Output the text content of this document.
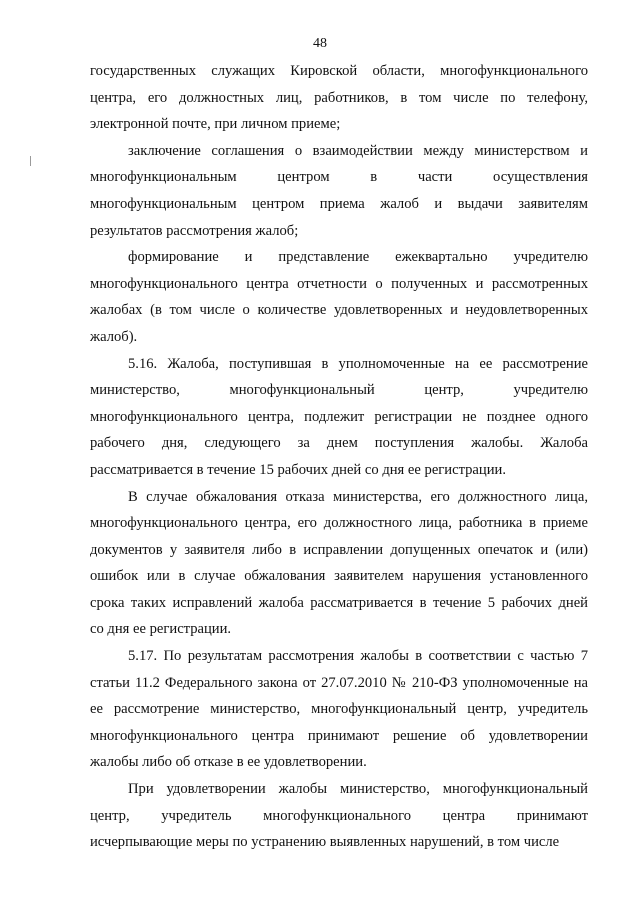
48

государственных служащих Кировской области, многофункционального
центра, его должностных лиц, работников, в том числе по телефону,
электронной почте, при личном приеме;

заключение соглашения о взаимодействии между министерством и
многофункциональным центром в части осуществления
многофункциональным центром приема жалоб и выдачи заявителям
результатов рассмотрения жалоб;

формирование и представление ежеквартально учредителю
многофункционального центра отчетности о полученных и рассмотренных
жалобах (в том числе о количестве удовлетворенных и неудовлетворенных
жалоб).

5.16. Жалоба, поступившая в уполномоченные на ее рассмотрение
министерство, многофункциональный центр, учредителю
многофункционального центра, подлежит регистрации не позднее одного
рабочего дня, следующего за днем поступления жалобы. Жалоба
рассматривается в течение 15 рабочих дней со дня ее регистрации.

В случае обжалования отказа министерства, его должностного лица,
многофункционального центра, его должностного лица, работника в приеме
документов у заявителя либо в исправлении допущенных опечаток и (или)
ошибок или в случае обжалования заявителем нарушения установленного
срока таких исправлений жалоба рассматривается в течение 5 рабочих дней
со дня ее регистрации.

5.17. По результатам рассмотрения жалобы в соответствии с частью 7
статьи 11.2 Федерального закона от 27.07.2010 № 210-ФЗ уполномоченные на
ее рассмотрение министерство, многофункциональный центр, учредитель
многофункционального центра принимают решение об удовлетворении
жалобы либо об отказе в ее удовлетворении.

При удовлетворении жалобы министерство, многофункциональный
центр, учредитель многофункционального центра принимают
исчерпывающие меры по устранению выявленных нарушений, в том числе
